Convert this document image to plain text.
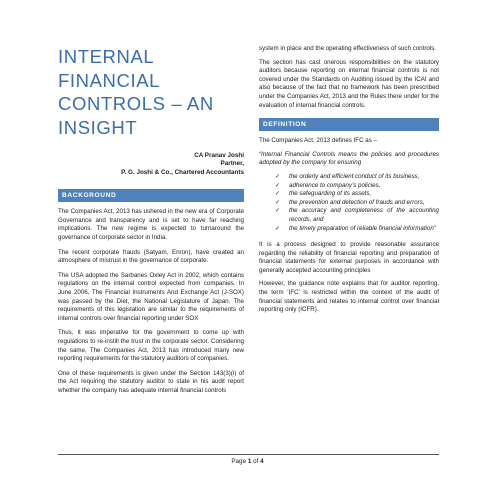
INTERNAL
FINANCIAL
CONTROLS – AN
INSIGHT
CA Pranav Joshi
Partner,
P. G. Joshi & Co., Chartered Accountants
BACKGROUND

The Companies Act, 2013 has ushered in the new era of Corporate Governance and transparency and is set to have far reaching implications. The new regime is expected to turnaround the governance of corporate sector in India.

The recent corporate frauds (Satyam, Enron), have created an atmosphere of mistrust in the governance of corporate.

The USA adopted the Sarbanes Oxley Act in 2002, which contains regulations on the internal control expected from companies. In June 2006, The Financial Instruments And Exchange Act (J-SOX) was passed by the Diet, the National Legislature of Japan. The requirements of this legislation are similar to the requirements of internal controls over financial reporting under SOX

Thus, it was imperative for the government to come up with regulations to re-instill the trust in the corporate sector. Considering the same, The Companies Act, 2013 has introduced many new reporting requirements for the statutory auditors of companies.

One of these requirements is given under the Section 143(3)(i) of the Act requiring the statutory auditor to state in his audit report whether the company has adequate internal financial controls

system in place and the operating effectiveness of such controls.

The section has cast onerous responsibilities on the statutory auditors because reporting on internal financial controls is not covered under the Standards on Auditing issued by the ICAI and also because of the fact that no framework has been prescribed under the Companies Act, 2013 and the Rules there under for the evaluation of internal financial controls.

DEFINITION

The Companies Act, 2013 defines IFC as –

“Internal Financial Controls means the policies and procedures adopted by the company for ensuring

✓ the orderly and efficient conduct of its business,
✓ adherence to company’s policies,
✓ the safeguarding of its assets,
✓ the prevention and detection of frauds and errors,
✓ the accuracy and completeness of the accounting records, and
✓ the timely preparation of reliable financial information”

It is a process designed to provide reasonable assurance regarding the reliability of financial reporting and preparation of financial statements for external purposes in accordance with generally accepted accounting principles

However, the guidance note explains that for auditor reporting, the term ‘IFC’ is restricted within the context of the audit of financial statements and relates to internal control over financial reporting only (ICFR).

Page 1 of 4
